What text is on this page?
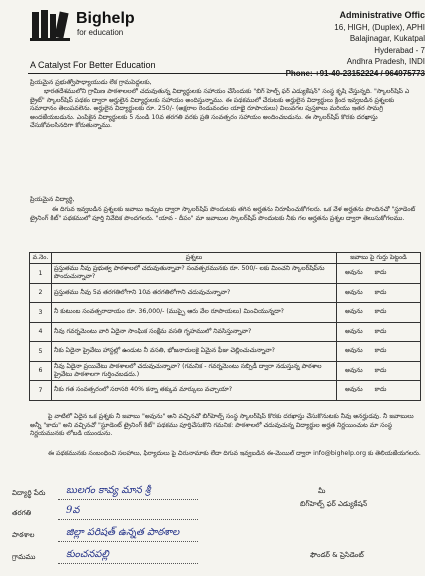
Bighelp
for education
A Catalyst For Better Education
Administrative Offic
16, HIGH, (Duplex), APHI
Balajinagar, Kukatpal
Hyderabad - 7
Andhra Pradesh, INDI
Phone: +91-40-23152224 / 964975773
ప్రియమైన ప్రభుత్వోపాధ్యాయుడు లేక గ్రామపెద్దలకు,
భారతదేశములోని గ్రామీణ పాఠశాలలలో చదువుతున్న విద్యార్థులకు సహాయం చేసేందుకు "బిగ్ హెల్ప్ ఫర్ ఎడ్యుకేషన్" సంస్థ కృషి చేస్తున్నది. "స్కాలర్‌షిప్ ఎ బ్రైట్" స్కాలర్‌షిప్ పథకం ద్వారా అర్హులైన విద్యార్థులకు సహాయం అందిస్తున్నాము. ఈ పథకములో చేరుటకు అర్హులైన విద్యార్థులు క్రింద ఇవ్వబడిన ప్రశ్నలకు సమాధానం తెలుపవలెను. అర్హులైన విద్యార్థులకు రూ. 250/- (అక్షరాల రెండువందల యాభై రూపాయలు) విలువగల పుస్తకాలు మరియు ఇతర సామగ్రి అందజేయబడును. ఎంపికైన విద్యార్థులకు 5 నుండి 10వ తరగతి వరకు ప్రతి సంవత్సరం సహాయం అందించబడును. ఈ స్కాలర్‌షిప్ కొరకు దరఖాస్తు చేసుకోవలసినదిగా కోరుతున్నాము.
ప్రియమైన విద్యార్థి,
ఈ దిగువ ఇవ్వబడిన ప్రశ్నలకు జవాబు ఇచ్చుట ద్వారా స్కాలర్‌షిప్ పొందుటకు తగిన అర్హతను నిరూపించుకోగలరు. ఒక వేళ అర్హతను పొందినచో "స్టూడెంట్ ట్రైనింగ్ కిట్" పథకములో పూర్తి నివేదిక పొందగలరు. "యావ - దీపం" మా జవాబుల స్కాలర్‌షిప్ పొందుటకు నీకు గల అర్హతను ప్రశ్నల ద్వారా తెలుసుకోగలము.
వ.నెం.	ప్రశ్నలు	జవాబు పై గుర్తు పెట్టండి
1	ప్రస్తుతము నీవు ప్రభుత్వ పాఠశాలలో చదువుతున్నావా? సంవత్సరమునకు రూ. 500/- లకు మించని స్కాలర్‌షిప్‌ను పొందుచున్నావా?	అవును కాదు
2	ప్రస్తుతము నీవు 5వ తరగతిలోగాని 10వ తరగతిలోగాని చదువుచున్నావా?	అవును కాదు
3	నీ కుటుంబ సంవత్సరాదాయం రూ. 36,000/- (ముప్పై ఆరు వేల రూపాయలు) మించియున్నదా?	అవును కాదు
4	నీవు గవర్నమెంటు వారి ఏదైనా సాంఘిక సంక్షేమ వసతి గృహములో నివసిస్తున్నావా?	అవును కాదు
5	నీకు ఏదైనా ప్రైవేటు హాస్టల్లో ఉండుట నీ వసతి, భోజనాదులకై ఏమైన ఫీజు చెల్లించుచున్నావా?	అవును కాదు
6	నీవు ఏదైనా ప్రయివేటు పాఠశాలలో చదువుచున్నావా? (గమనిక - గవర్నమెంటు సబ్సిడీ ద్వారా నడుస్తున్న పాఠశాల ప్రైవేటు పాఠశాలగా గుర్తించబడదు.)	అవును కాదు
7	నీకు గత సంవత్సరంలో సరాసరి 40% కన్నా తక్కువ మార్కులు వచ్చాయా?	అవును కాదు
పై వాటిలో ఏదైన ఒక ప్రశ్నకు నీ జవాబు "అవును" అని వచ్చినచో బిగ్‌హెల్ప్ సంస్థ స్కాలర్‌షిప్ కొరకు దరఖాస్తు చేసుకొనుటకు నీవు అనర్హుడవు. నీ జవాబులు అన్నీ "కాదు" అని వచ్చినచో "స్టూడెంట్ ట్రైనింగ్ కిట్" పథకము పూర్తిచేసుకొని గమనిక: పాఠశాలలో చదువుచున్న విద్యార్థుల అర్హత నిర్ణయించుట మా సంస్థ నిర్ణయమునకు లోబడి యుండును.
ఈ పథకమునకు సంబంధించి సలహాలు, ఫిర్యాదులు పై చిరునామాకు లేదా దిగువ ఇవ్వబడిన ఈ-మెయిల్ ద్వారా info@bighelp.org కు తెలియజేయగలరు.
విద్యార్థి పేరు బులగం కావ్య మాన శ్రీ
తరగతి	9వ
పాఠశాల	జిల్లా పరిషత్ ఉన్నత పాఠశాల
గ్రామము	కుంచనపల్లి
మీ
బిగ్‌హెల్ప్ ఫర్ ఎడ్యుకేషన్
ఫౌండర్ & ప్రెసిడెంట్
